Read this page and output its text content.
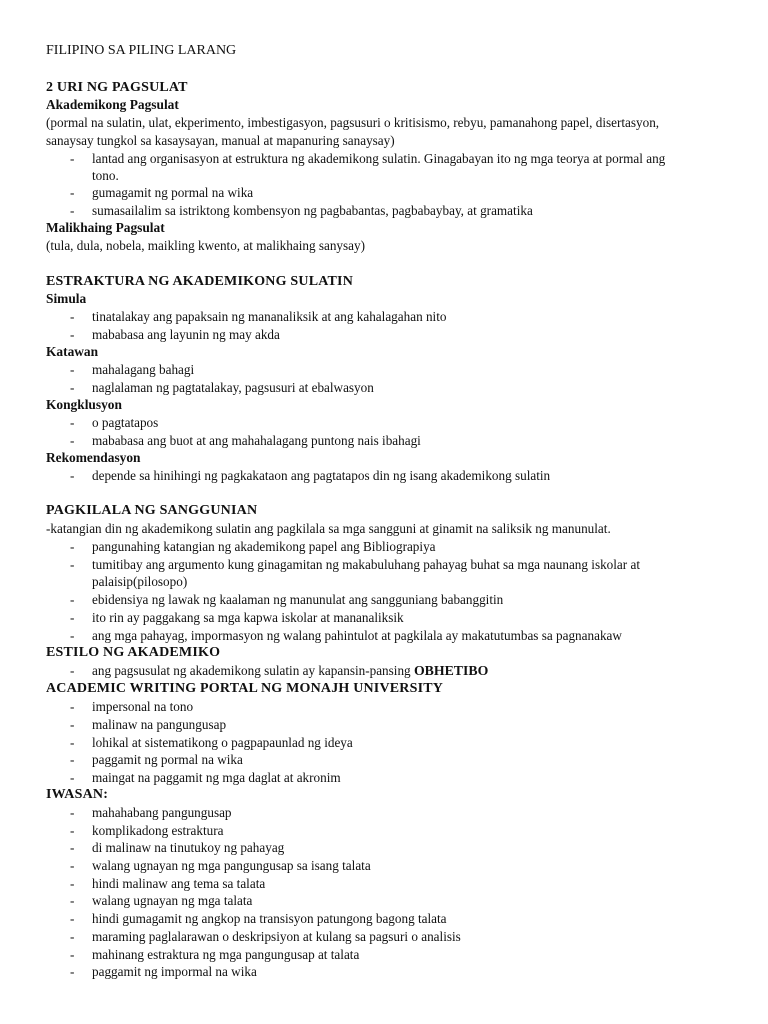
FILIPINO SA PILING LARANG
2 URI NG PAGSULAT
Akademikong Pagsulat
(pormal na sulatin, ulat, ekperimento, imbestigasyon, pagsusuri o kritisismo, rebyu, pamanahong papel, disertasyon,
sanaysay tungkol sa kasaysayan, manual at mapanuring sanaysay)
- lantad ang organisasyon at estruktura ng akademikong sulatin. Ginagabayan ito ng mga teorya at pormal ang
tono.
- gumagamit ng pormal na wika
- sumasailalim sa istriktong kombensyon ng pagbabantas, pagbabaybay, at gramatika
Malikhaing Pagsulat
(tula, dula, nobela, maikling kwento, at malikhaing sanysay)
ESTRAKTURA NG AKADEMIKONG SULATIN
Simula
- tinatalakay ang papaksain ng mananaliksik at ang kahalagahan nito
- mababasa ang layunin ng may akda
Katawan
- mahalagang bahagi
- naglalaman ng pagtatalakay, pagsusuri at ebalwasyon
Kongklusyon
- o pagtatapos
- mababasa ang buot at ang mahahalagang puntong nais ibahagi
Rekomendasyon
- depende sa hinihingi ng pagkakataon ang pagtatapos din ng isang akademikong sulatin
PAGKILALA NG SANGGUNIAN
-katangian din ng akademikong sulatin ang pagkilala sa mga sangguni at ginamit na saliksik ng manunulat.
- pangunahing katangian ng akademikong papel ang Bibliograpiya
- tumitibay ang argumento kung ginagamitan ng makabuluhang pahayag buhat sa mga naunang iskolar at
palaisip(pilosopo)
- ebidensiya ng lawak ng kaalaman ng manunulat ang sangguniang babanggitin
- ito rin ay paggakang sa mga kapwa iskolar at mananaliksik
- ang mga pahayag, impormasyon ng walang pahintulot at pagkilala ay makatutumbas sa pagnanakaw
ESTILO NG AKADEMIKO
- ang pagsusulat ng akademikong sulatin ay kapansin-pansing OBHETIBO
ACADEMIC WRITING PORTAL NG MONAJH UNIVERSITY
- impersonal na tono
- malinaw na pangungusap
- lohikal at sistematikong o pagpapaunlad ng ideya
- paggamit ng pormal na wika
- maingat na paggamit ng mga daglat at akronim
IWASAN:
- mahahabang pangungusap
- komplikadong estraktura
- di malinaw na tinutukoy ng pahayag
- walang ugnayan ng mga pangungusap sa isang talata
- hindi malinaw ang tema sa talata
- walang ugnayan ng mga talata
- hindi gumagamit ng angkop na transisyon patungong bagong talata
- maraming paglalarawan o deskripsiyon at kulang sa pagsuri o analisis
- mahinang estraktura ng mga pangungusap at talata
- paggamit ng impormal na wika
